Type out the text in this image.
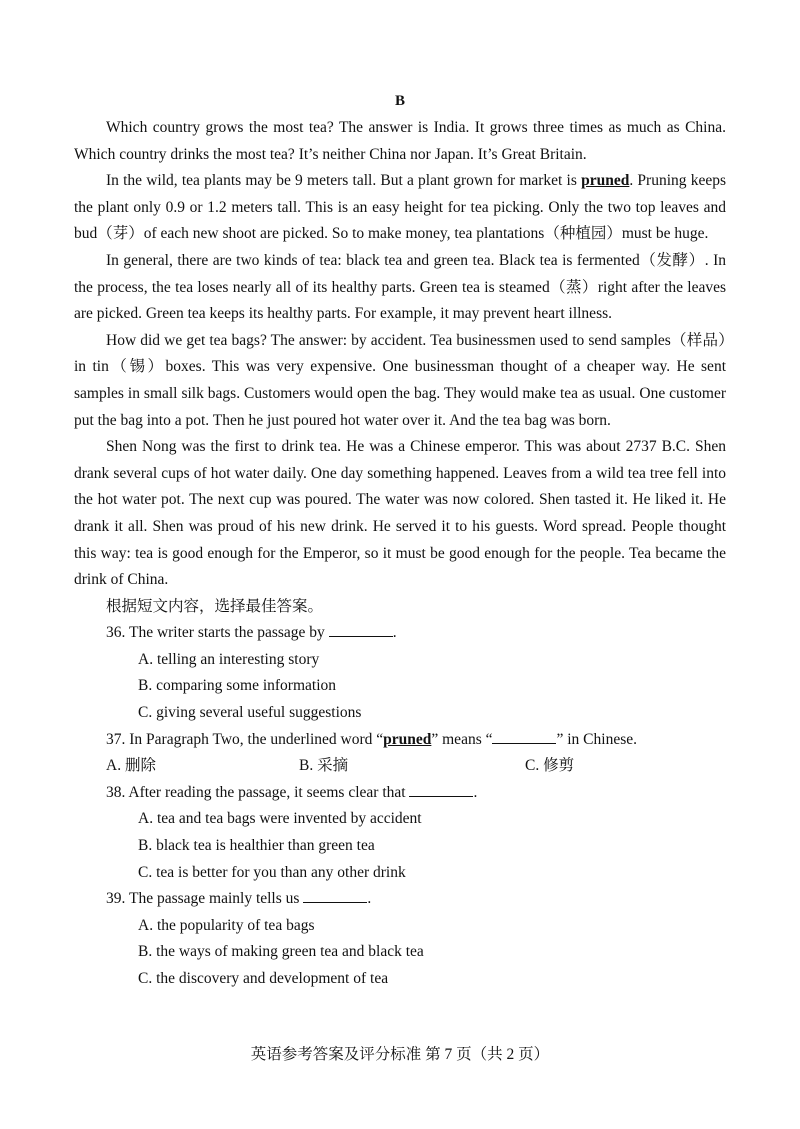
B

Which country grows the most tea? The answer is India. It grows three times as much as China. Which country drinks the most tea? It’s neither China nor Japan. It’s Great Britain.

In the wild, tea plants may be 9 meters tall. But a plant grown for market is pruned. Pruning keeps the plant only 0.9 or 1.2 meters tall. This is an easy height for tea picking. Only the two top leaves and bud（芽）of each new shoot are picked. So to make money, tea plantations（种植园）must be huge.

In general, there are two kinds of tea: black tea and green tea. Black tea is fermented（发酵）. In the process, the tea loses nearly all of its healthy parts. Green tea is steamed（蒸）right after the leaves are picked. Green tea keeps its healthy parts. For example, it may prevent heart illness.

How did we get tea bags? The answer: by accident. Tea businessmen used to send samples（样品）in tin（锡）boxes. This was very expensive. One businessman thought of a cheaper way. He sent samples in small silk bags. Customers would open the bag. They would make tea as usual. One customer put the bag into a pot. Then he just poured hot water over it. And the tea bag was born.

Shen Nong was the first to drink tea. He was a Chinese emperor. This was about 2737 B.C. Shen drank several cups of hot water daily. One day something happened. Leaves from a wild tea tree fell into the hot water pot. The next cup was poured. The water was now colored. Shen tasted it. He liked it. He drank it all. Shen was proud of his new drink. He served it to his guests. Word spread. People thought this way: tea is good enough for the Emperor, so it must be good enough for the people. Tea became the drink of China.

根据短文内容，选择最佳答案。

36. The writer starts the passage by	.

A. telling an interesting story

B. comparing some information

C. giving several useful suggestions

37. In Paragraph Two, the underlined word “pruned” means “	” in Chinese.

A. 删除	B. 采摘	C. 修剪

38. After reading the passage, it seems clear that	.

A. tea and tea bags were invented by accident

B. black tea is healthier than green tea

C. tea is better for you than any other drink

39. The passage mainly tells us	.

A. the popularity of tea bags

B. the ways of making green tea and black tea

C. the discovery and development of tea

英语参考答案及评分标准 第 7 页（共 2 页）
